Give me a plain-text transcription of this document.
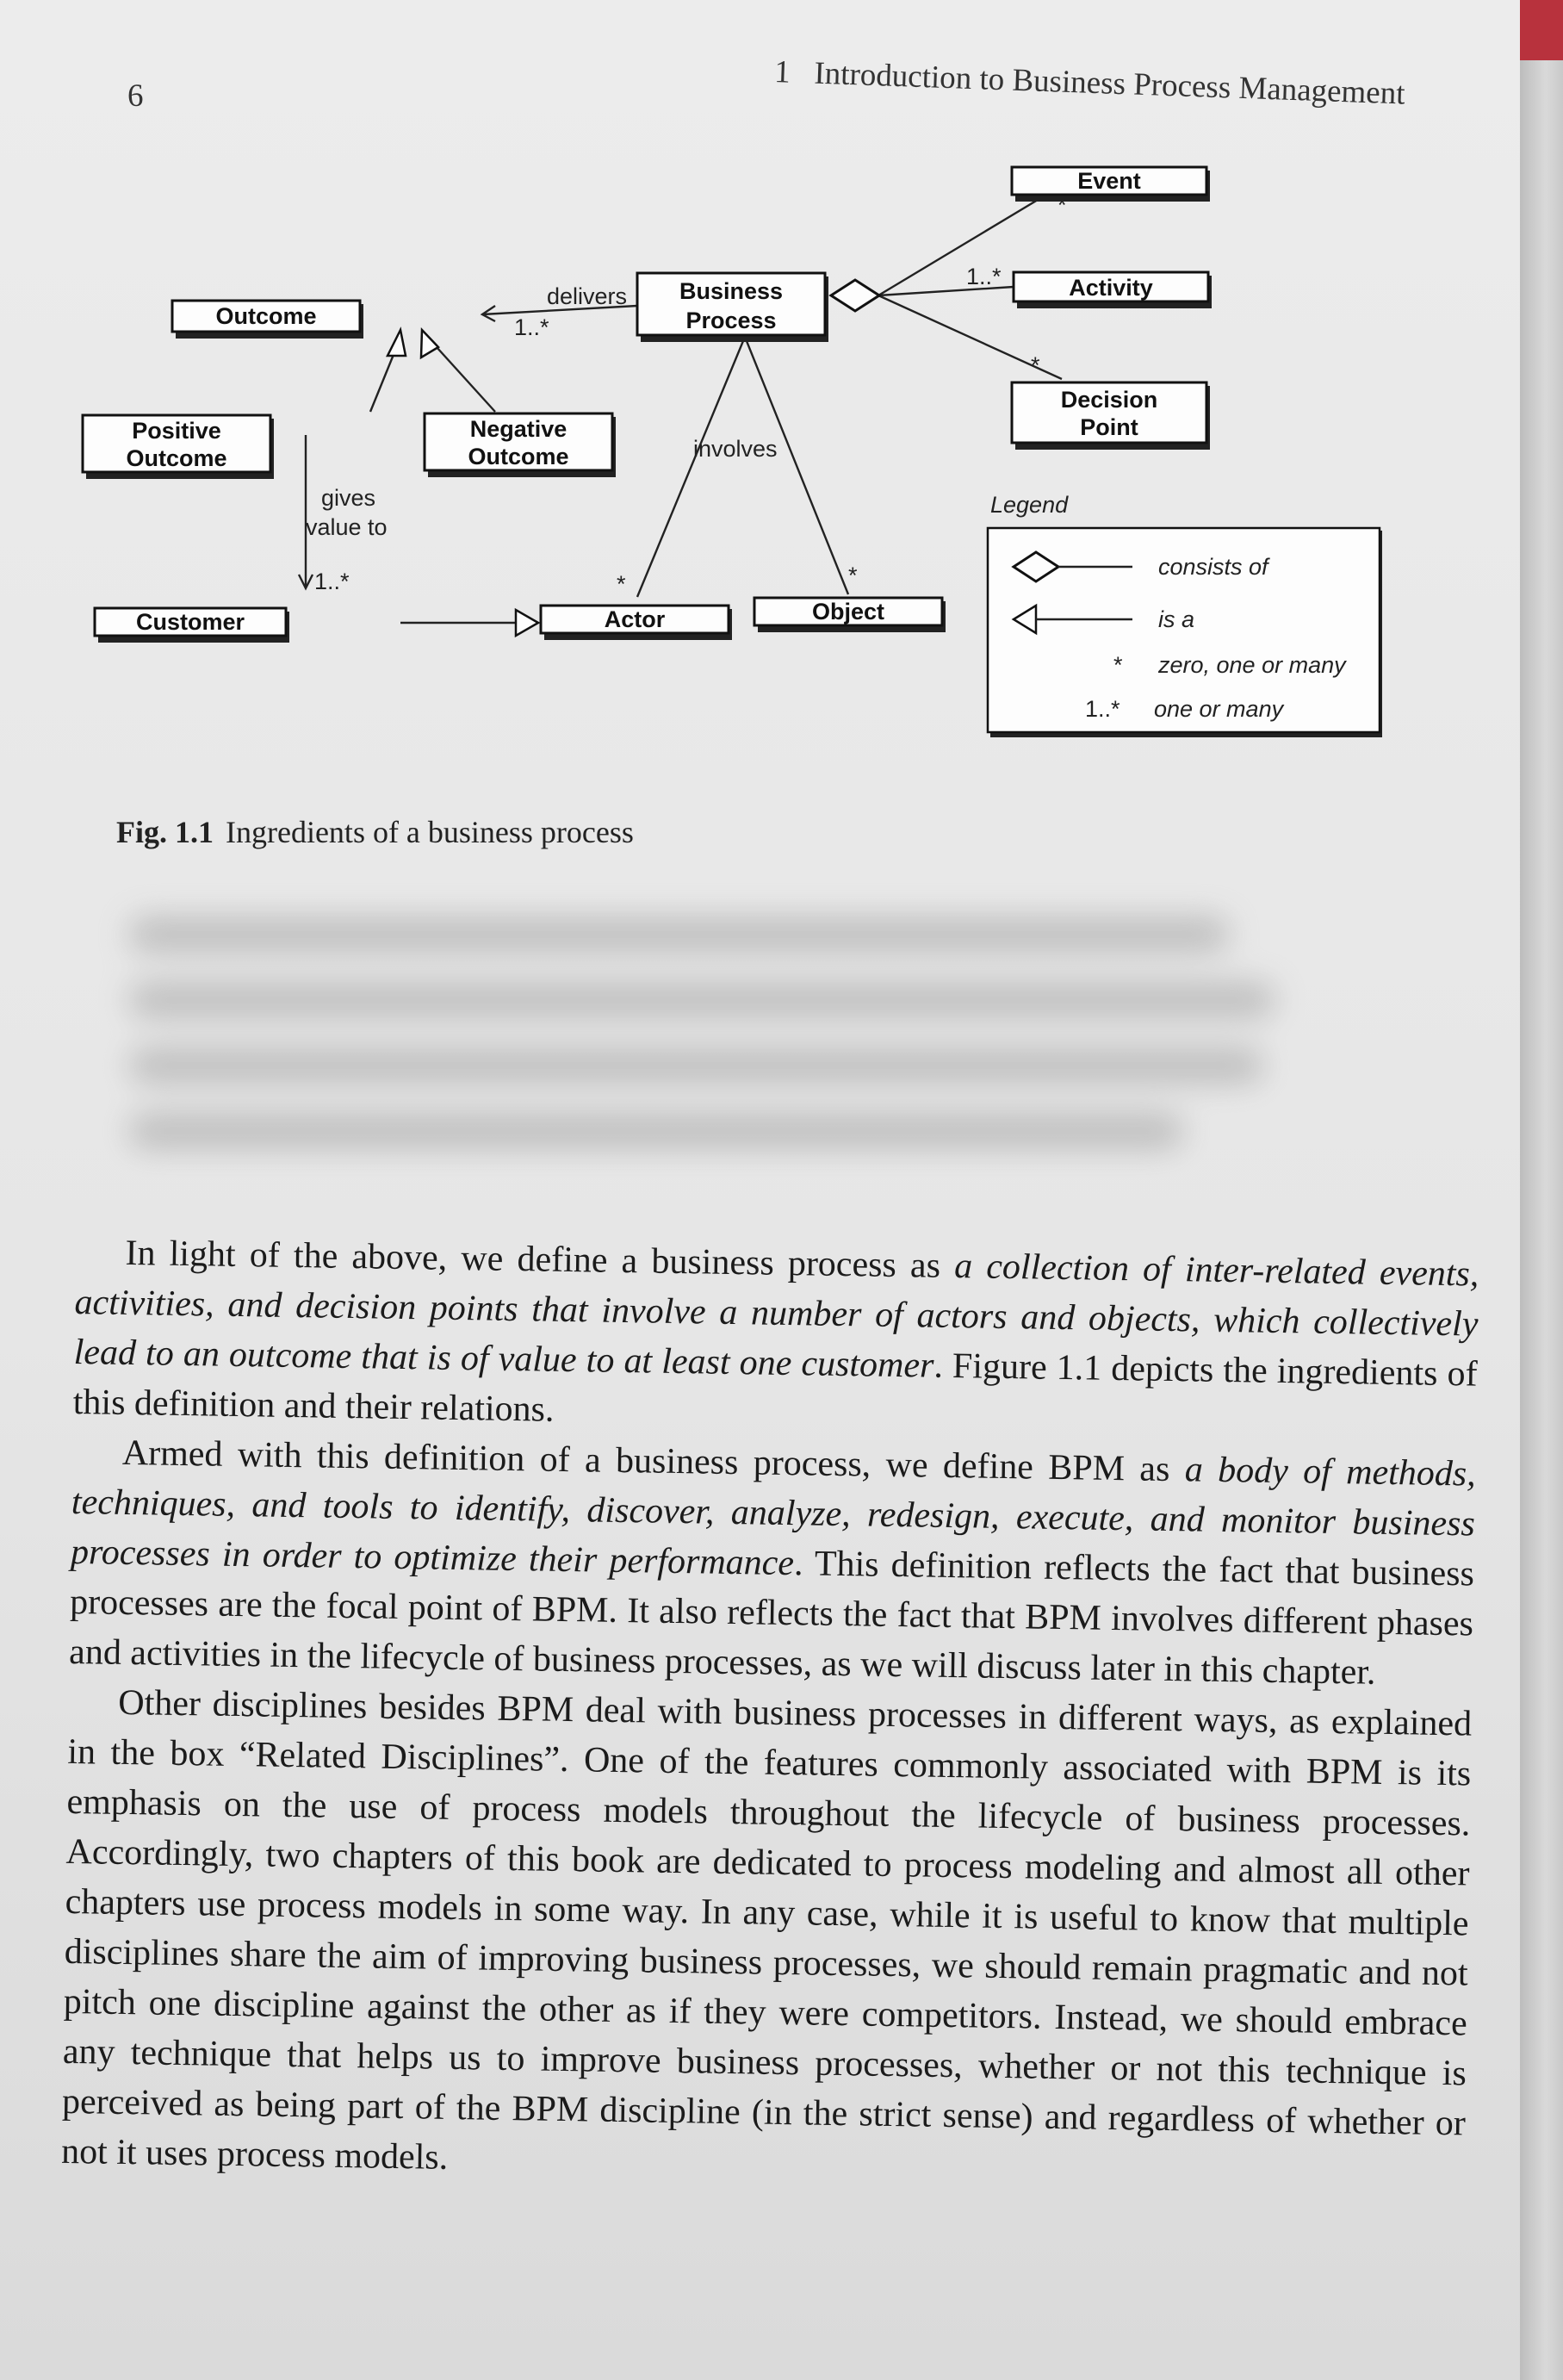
6	1   Introduction to Business Process Management
Outcome
Business
Process
Event
Activity
Decision
Point
Positive
Outcome
Negative
Outcome
Customer	Actor	Object
delivers
1..*
1..*
*
*
involves
gives
value to
1..*	*	*
Legend
consists of
is a
* zero, one or many
1..* one or many
Fig. 1.1 Ingredients of a business process

In light of the above, we define a business process as a collection of inter-related events, activities, and decision points that involve a number of actors and objects, which collectively lead to an outcome that is of value to at least one customer. Figure 1.1 depicts the ingredients of this definition and their relations.

Armed with this definition of a business process, we define BPM as a body of methods, techniques, and tools to identify, discover, analyze, redesign, execute, and monitor business processes in order to optimize their performance. This definition reflects the fact that business processes are the focal point of BPM. It also reflects the fact that BPM involves different phases and activities in the lifecycle of business processes, as we will discuss later in this chapter.

Other disciplines besides BPM deal with business processes in different ways, as explained in the box “Related Disciplines”. One of the features commonly associated with BPM is its emphasis on the use of process models throughout the lifecycle of business processes. Accordingly, two chapters of this book are dedicated to process modeling and almost all other chapters use process models in some way. In any case, while it is useful to know that multiple disciplines share the aim of improving business processes, we should remain pragmatic and not pitch one discipline against the other as if they were competitors. Instead, we should embrace any technique that helps us to improve business processes, whether or not this technique is perceived as being part of the BPM discipline (in the strict sense) and regardless of whether or not it uses process models.
